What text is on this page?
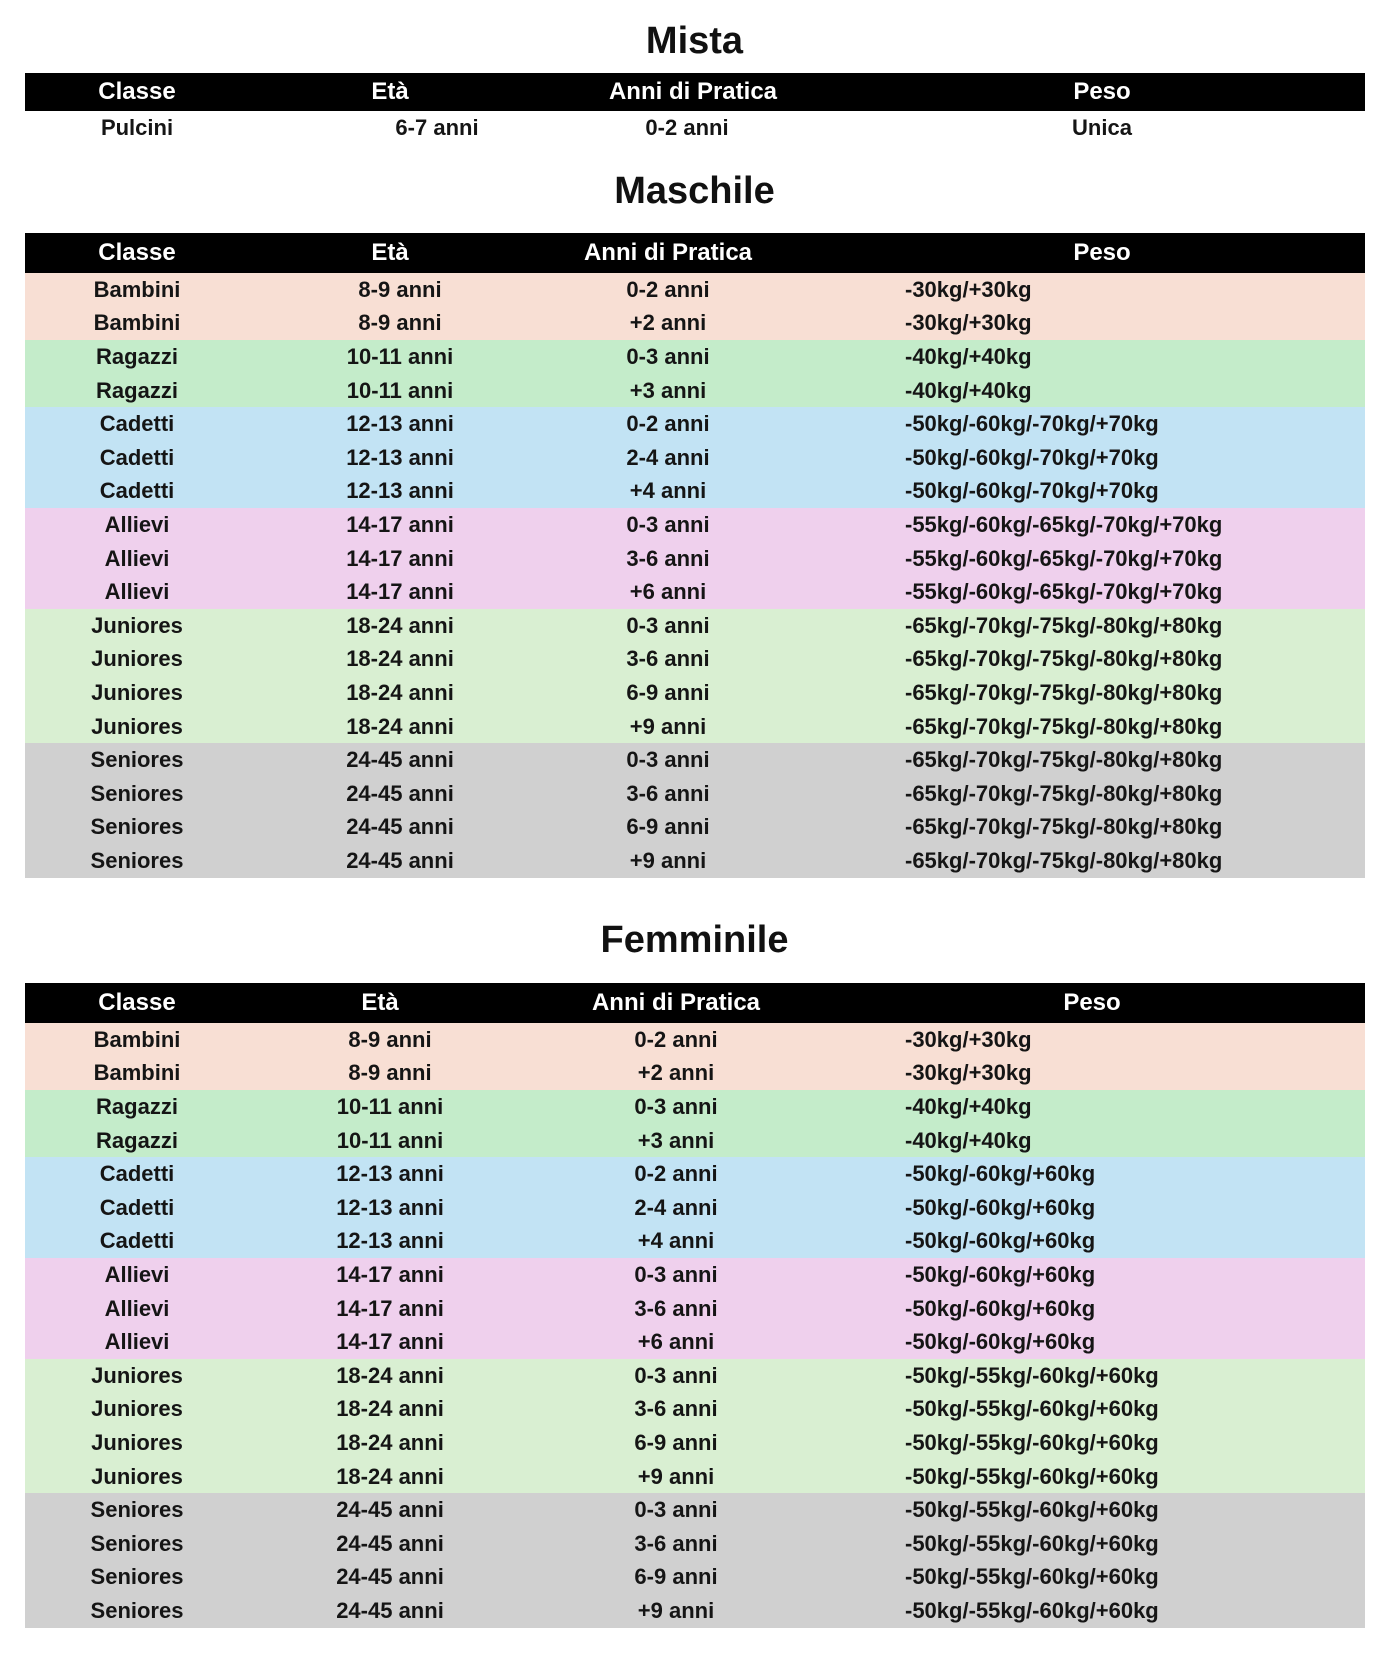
Mista
Maschile
Femminile
Classe	Età	Anni di Pratica	Peso
Pulcini	6-7 anni	0-2 anni	Unica
Classe	Età	Anni di Pratica	Peso
Bambini	8-9 anni	0-2 anni	-30kg/+30kg
Bambini	8-9 anni	+2 anni	-30kg/+30kg
Ragazzi	10-11 anni	0-3 anni	-40kg/+40kg
Ragazzi	10-11 anni	+3 anni	-40kg/+40kg
Cadetti	12-13 anni	0-2 anni	-50kg/-60kg/-70kg/+70kg
Cadetti	12-13 anni	2-4 anni	-50kg/-60kg/-70kg/+70kg
Cadetti	12-13 anni	+4 anni	-50kg/-60kg/-70kg/+70kg
Allievi	14-17 anni	0-3 anni	-55kg/-60kg/-65kg/-70kg/+70kg
Allievi	14-17 anni	3-6 anni	-55kg/-60kg/-65kg/-70kg/+70kg
Allievi	14-17 anni	+6 anni	-55kg/-60kg/-65kg/-70kg/+70kg
Juniores	18-24 anni	0-3 anni	-65kg/-70kg/-75kg/-80kg/+80kg
Juniores	18-24 anni	3-6 anni	-65kg/-70kg/-75kg/-80kg/+80kg
Juniores	18-24 anni	6-9 anni	-65kg/-70kg/-75kg/-80kg/+80kg
Juniores	18-24 anni	+9 anni	-65kg/-70kg/-75kg/-80kg/+80kg
Seniores	24-45 anni	0-3 anni	-65kg/-70kg/-75kg/-80kg/+80kg
Seniores	24-45 anni	3-6 anni	-65kg/-70kg/-75kg/-80kg/+80kg
Seniores	24-45 anni	6-9 anni	-65kg/-70kg/-75kg/-80kg/+80kg
Seniores	24-45 anni	+9 anni	-65kg/-70kg/-75kg/-80kg/+80kg
Classe	Età	Anni di Pratica	Peso
Bambini	8-9 anni	0-2 anni	-30kg/+30kg
Bambini	8-9 anni	+2 anni	-30kg/+30kg
Ragazzi	10-11 anni	0-3 anni	-40kg/+40kg
Ragazzi	10-11 anni	+3 anni	-40kg/+40kg
Cadetti	12-13 anni	0-2 anni	-50kg/-60kg/+60kg
Cadetti	12-13 anni	2-4 anni	-50kg/-60kg/+60kg
Cadetti	12-13 anni	+4 anni	-50kg/-60kg/+60kg
Allievi	14-17 anni	0-3 anni	-50kg/-60kg/+60kg
Allievi	14-17 anni	3-6 anni	-50kg/-60kg/+60kg
Allievi	14-17 anni	+6 anni	-50kg/-60kg/+60kg
Juniores	18-24 anni	0-3 anni	-50kg/-55kg/-60kg/+60kg
Juniores	18-24 anni	3-6 anni	-50kg/-55kg/-60kg/+60kg
Juniores	18-24 anni	6-9 anni	-50kg/-55kg/-60kg/+60kg
Juniores	18-24 anni	+9 anni	-50kg/-55kg/-60kg/+60kg
Seniores	24-45 anni	0-3 anni	-50kg/-55kg/-60kg/+60kg
Seniores	24-45 anni	3-6 anni	-50kg/-55kg/-60kg/+60kg
Seniores	24-45 anni	6-9 anni	-50kg/-55kg/-60kg/+60kg
Seniores	24-45 anni	+9 anni	-50kg/-55kg/-60kg/+60kg
